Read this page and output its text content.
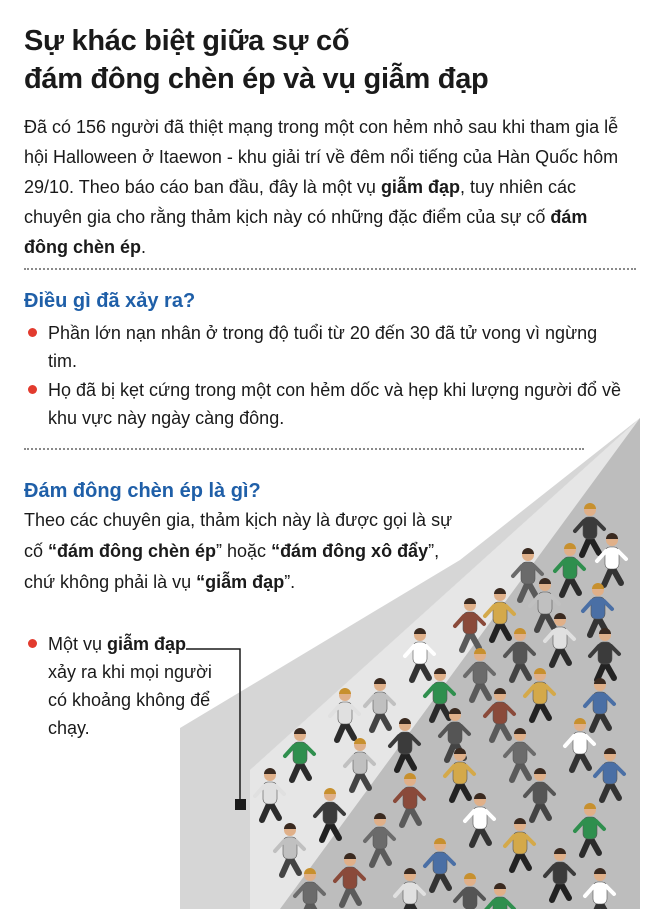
Sự khác biệt giữa sự cố
đám đông chèn ép và vụ giẫm đạp
Đã có 156 người đã thiệt mạng trong một con hẻm nhỏ sau khi tham gia lễ hội Halloween ở Itaewon - khu giải trí về đêm nổi tiếng của Hàn Quốc hôm 29/10. Theo báo cáo ban đầu, đây là một vụ giẫm đạp, tuy nhiên các chuyên gia cho rằng thảm kịch này có những đặc điểm của sự cố đám đông chèn ép.
Điều gì đã xảy ra?
Phần lớn nạn nhân ở trong độ tuổi từ 20 đến 30 đã tử vong vì ngừng tim.
Họ đã bị kẹt cứng trong một con hẻm dốc và hẹp khi lượng người đổ về khu vực này ngày càng đông.
Đám đông chèn ép là gì?
Theo các chuyên gia, thảm kịch này là được gọi là sự cố “đám đông chèn ép” hoặc “đám đông xô đẩy”, chứ không phải là vụ “giẫm đạp”.
Một vụ giẫm đạp xảy ra khi mọi người có khoảng không để chạy.
